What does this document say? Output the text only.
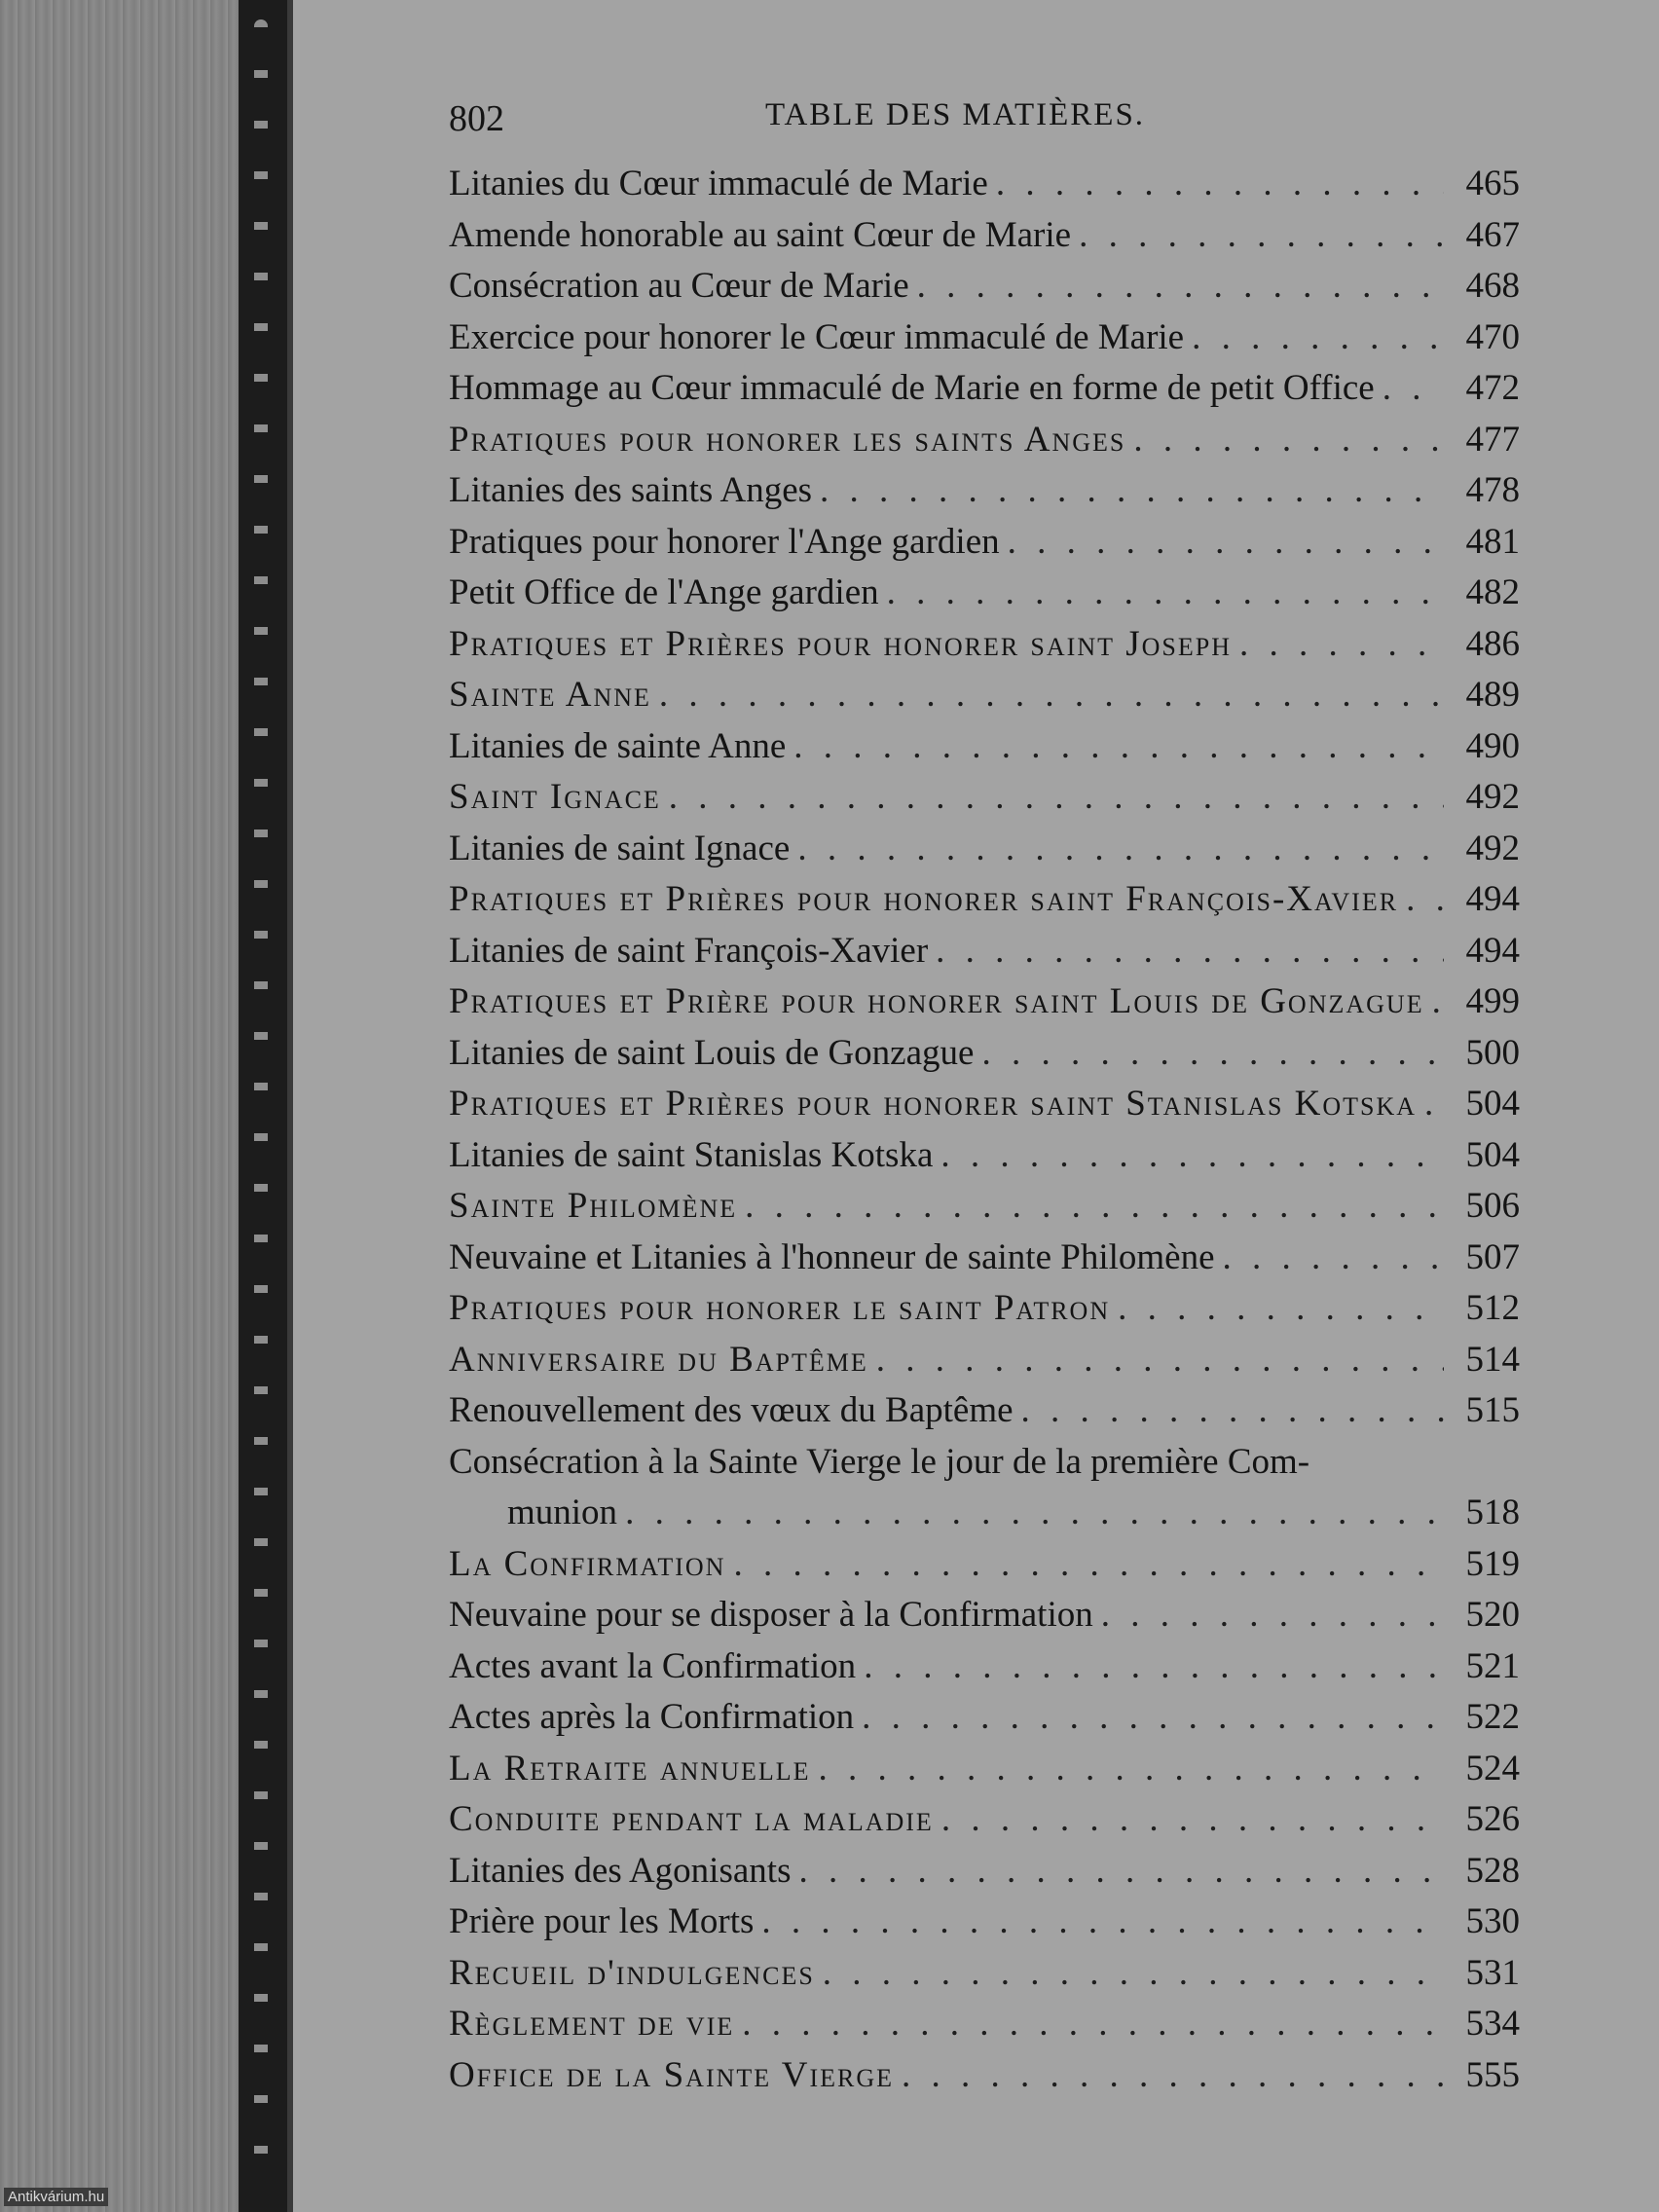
802	TABLE DES MATIÈRES.
Litanies du Cœur immaculé de Marie . . .	465
Amende honorable au saint Cœur de Marie . . .	467
Consécration au Cœur de Marie . . .	468
Exercice pour honorer le Cœur immaculé de Marie . . .	470
Hommage au Cœur immaculé de Marie en forme de petit Office . . .	472
Pratiques pour honorer les saints Anges . . .	477
Litanies des saints Anges . . .	478
Pratiques pour honorer l'Ange gardien . . .	481
Petit Office de l'Ange gardien . . .	482
Pratiques et Prières pour honorer saint Joseph . . .	486
Sainte Anne . . .	489
Litanies de sainte Anne . . .	490
Saint Ignace . . .	492
Litanies de saint Ignace . . .	492
Pratiques et Prières pour honorer saint François-Xavier . . .	494
Litanies de saint François-Xavier . . .	494
Pratiques et Prière pour honorer saint Louis de Gonzague . . .	499
Litanies de saint Louis de Gonzague . . .	500
Pratiques et Prières pour honorer saint Stanislas Kotska . . .	504
Litanies de saint Stanislas Kotska . . .	504
Sainte Philomène . . .	506
Neuvaine et Litanies à l'honneur de sainte Philomène . . .	507
Pratiques pour honorer le saint Patron . . .	512
Anniversaire du Baptême . . .	514
Renouvellement des vœux du Baptême . . .	515
Consécration à la Sainte Vierge le jour de la première Com-
munion . . .	518
La Confirmation . . .	519
Neuvaine pour se disposer à la Confirmation . . .	520
Actes avant la Confirmation . . .	521
Actes après la Confirmation . . .	522
La Retraite annuelle . . .	524
Conduite pendant la maladie . . .	526
Litanies des Agonisants . . .	528
Prière pour les Morts . . .	530
Recueil d'indulgences . . .	531
Règlement de vie . . .	534
Office de la Sainte Vierge . . .	555
Antikvárium.hu
